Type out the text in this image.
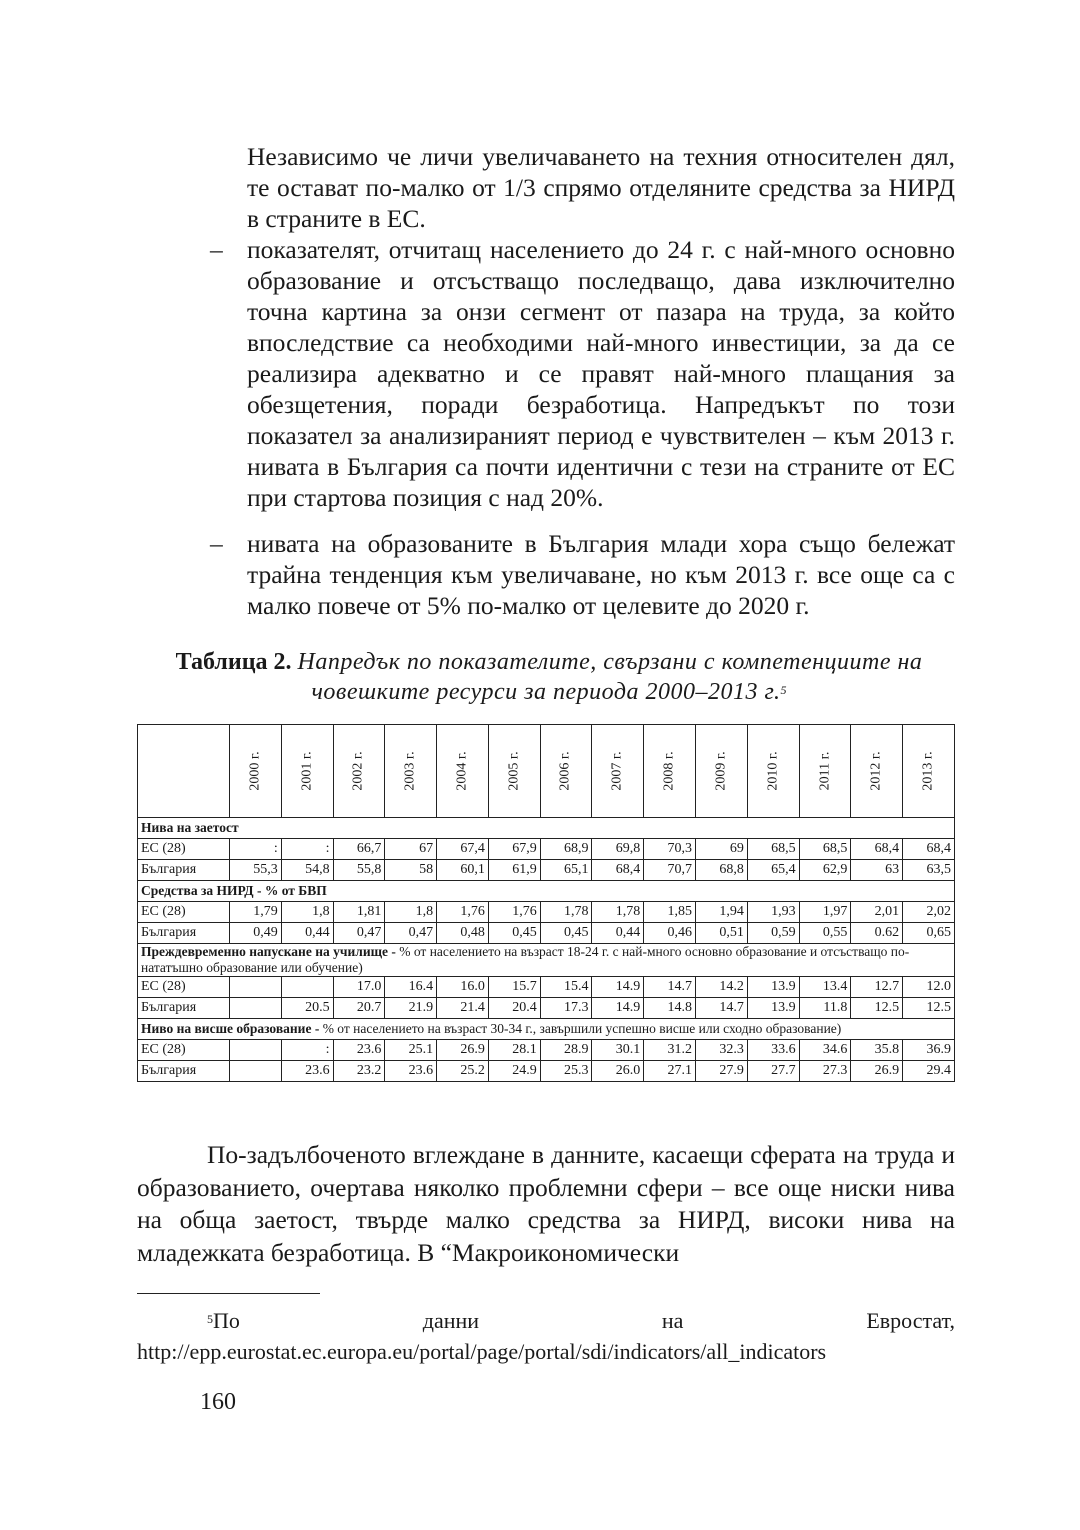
Независимо че личи увеличаването на техния относителен дял, те остават по-малко от 1/3 спрямо отделяните средства за НИРД в страните в ЕС.

– показателят, отчитащ населението до 24 г. с най-много основно образование и отсъстващо последващо, дава изключително точна картина за онзи сегмент от пазара на труда, за който впоследствие са необходими най-много инвестиции, за да се реализира адекватно и се правят най-много плащания за обезщетения, поради безработица. Напредъкът по този показател за анализираният период е чувствителен – към 2013 г. нивата в България са почти идентични с тези на страните от ЕС при стартова позиция с над 20%.

– нивата на образованите в България млади хора също бележат трайна тенденция към увеличаване, но към 2013 г. все още са с малко повече от 5% по-малко от целевите до 2020 г.

Таблица 2. Напредък по показателите, свързани с компетенциите на човешките ресурси за периода 2000–2013 г.$^5$

	2000 г.	2001 г.	2002 г.	2003 г.	2004 г.	2005 г.	2006 г.	2007 г.	2008 г.	2009 г.	2010 г.	2011 г.	2012 г.	2013 г.
Нива на заетост														
ЕС (28)	:	:	66,7	67	67,4	67,9	68,9	69,8	70,3	69	68,5	68,5	68,4	68,4
България	55,3	54,8	55,8	58	60,1	61,9	65,1	68,4	70,7	68,8	65,4	62,9	63	63,5
Средства за НИРД - % от БВП														
ЕС (28)	1,79	1,8	1,81	1,8	1,76	1,76	1,78	1,78	1,85	1,94	1,93	1,97	2,01	2,02
България	0,49	0,44	0,47	0,47	0,48	0,45	0,45	0,44	0,46	0,51	0,59	0,55	0.62	0,65
Преждевременно напускане на училище - % от населението на възраст 18-24 г. с най-много основно образование и отсъстващо по-нататъшно образование или обучение)														
ЕС (28)			17.0	16.4	16.0	15.7	15.4	14.9	14.7	14.2	13.9	13.4	12.7	12.0
България		20.5	20.7	21.9	21.4	20.4	17.3	14.9	14.8	14.7	13.9	11.8	12.5	12.5
Ниво на висше образование - % от населението на възраст 30-34 г., завършили успешно висше или сходно образование)														
ЕС (28)		:	23.6	25.1	26.9	28.1	28.9	30.1	31.2	32.3	33.6	34.6	35.8	36.9
България		23.6	23.2	23.6	25.2	24.9	25.3	26.0	27.1	27.9	27.7	27.3	26.9	29.4

По-задълбоченото вглеждане в данните, касаещи сферата на труда и образованието, очертава няколко проблемни сфери – все още ниски нива на обща заетост, твърде малко средства за НИРД, високи нива на младежката безработица. В “Макроикономически

$^5$По данни на Евростат, http://epp.eurostat.ec.europa.eu/portal/page/portal/sdi/indicators/all_indicators

160
